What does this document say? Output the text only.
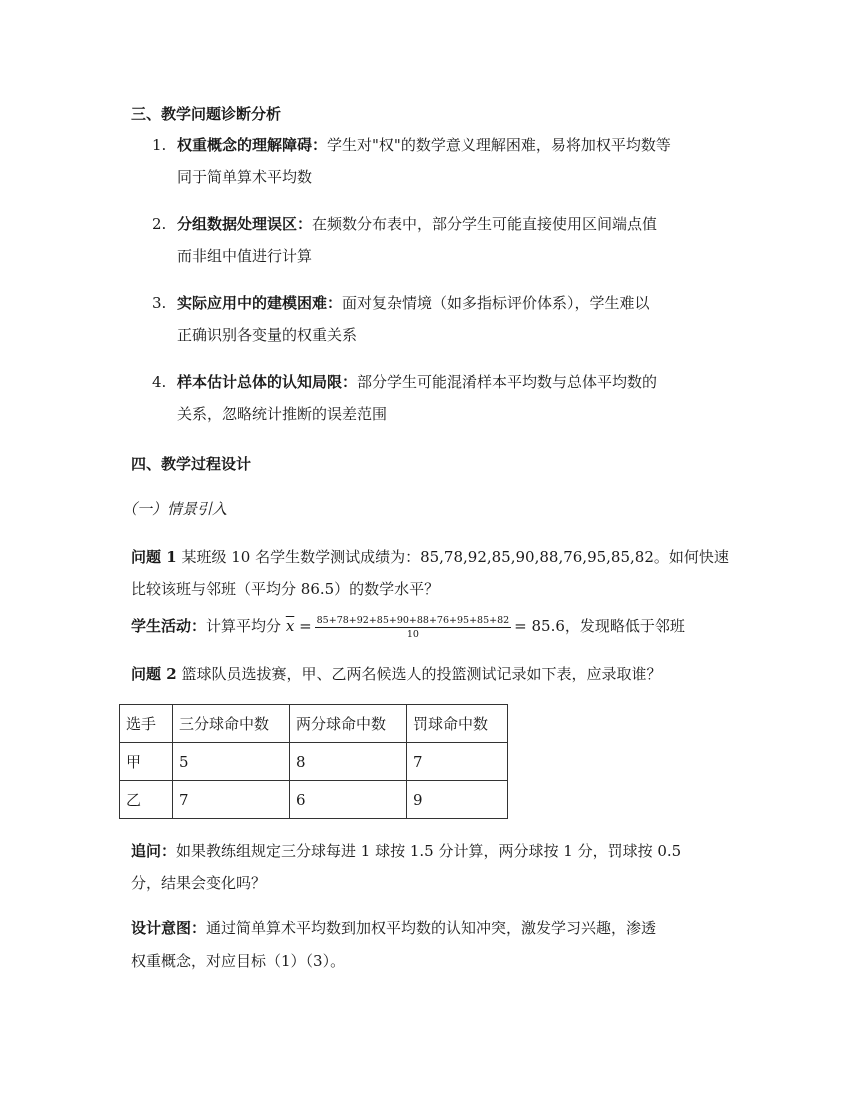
三、教学问题诊断分析
1. 权重概念的理解障碍：学生对"权"的数学意义理解困难，易将加权平均数等
同于简单算术平均数
2. 分组数据处理误区：在频数分布表中，部分学生可能直接使用区间端点值
而非组中值进行计算
3. 实际应用中的建模困难：面对复杂情境（如多指标评价体系），学生难以
正确识别各变量的权重关系
4. 样本估计总体的认知局限：部分学生可能混淆样本平均数与总体平均数的
关系，忽略统计推断的误差范围
四、教学过程设计
（一）情景引入
问题 1 某班级 10 名学生数学测试成绩为：85,78,92,85,90,88,76,95,85,82。如何快速
比较该班与邻班（平均分 86.5）的数学水平？
学生活动：计算平均分 $\overline{x} = \frac{85+78+92+85+90+88+76+95+85+82}{10} = 85.6$，发现略低于邻班
问题 2 篮球队员选拔赛，甲、乙两名候选人的投篮测试记录如下表，应录取谁？
选手	三分球命中数	两分球命中数	罚球命中数
甲	5	8	7
乙	7	6	9
追问：如果教练组规定三分球每进 1 球按 1.5 分计算，两分球按 1 分，罚球按 0.5
分，结果会变化吗？
设计意图：通过简单算术平均数到加权平均数的认知冲突，激发学习兴趣，渗透
权重概念，对应目标（1）（3）。
